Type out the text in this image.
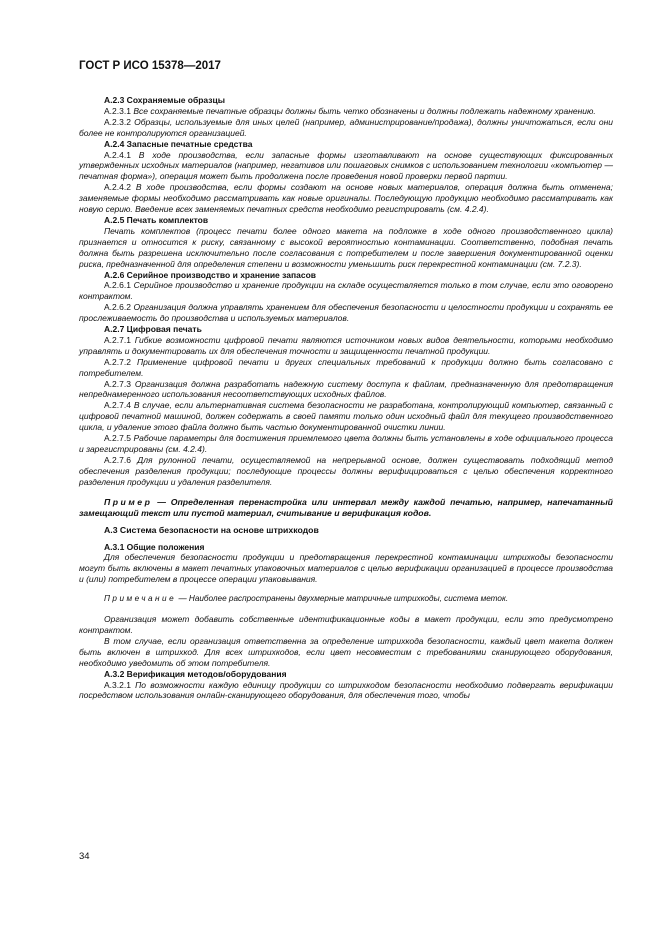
ГОСТ Р ИСО 15378—2017
А.2.3 Сохраняемые образцы

А.2.3.1 Все сохраняемые печатные образцы должны быть четко обозначены и должны подлежать надежному хранению.

А.2.3.2 Образцы, используемые для иных целей (например, администрирование/продажа), должны уничтожаться, если они более не контролируются организацией.

А.2.4 Запасные печатные средства

А.2.4.1 В ходе производства, если запасные формы изготавливают на основе существующих фиксированных утвержденных исходных материалов (например, негативов или пошаговых снимков с использованием технологии «компьютер — печатная форма»), операция может быть продолжена после проведения новой проверки первой партии.

А.2.4.2 В ходе производства, если формы создают на основе новых материалов, операция должна быть отменена; заменяемые формы необходимо рассматривать как новые оригиналы. Последующую продукцию необходимо рассматривать как новую серию. Введение всех заменяемых печатных средств необходимо регистрировать (см. 4.2.4).

А.2.5 Печать комплектов

Печать комплектов (процесс печати более одного макета на подложке в ходе одного производственного цикла) признается и относится к риску, связанному с высокой вероятностью контаминации. Соответственно, подобная печать должна быть разрешена исключительно после согласования с потребителем и после завершения документированной оценки риска, предназначенной для определения степени и возможности уменьшить риск перекрестной контаминации (см. 7.2.3).

А.2.6 Серийное производство и хранение запасов

А.2.6.1 Серийное производство и хранение продукции на складе осуществляется только в том случае, если это оговорено контрактом.

А.2.6.2 Организация должна управлять хранением для обеспечения безопасности и целостности продукции и сохранять ее прослеживаемость до производства и используемых материалов.

А.2.7 Цифровая печать

А.2.7.1 Гибкие возможности цифровой печати являются источником новых видов деятельности, которыми необходимо управлять и документировать их для обеспечения точности и защищенности печатной продукции.

А.2.7.2 Применение цифровой печати и других специальных требований к продукции должно быть согласовано с потребителем.

А.2.7.3 Организация должна разработать надежную систему доступа к файлам, предназначенную для предотвращения непреднамеренного использования несоответствующих исходных файлов.

А.2.7.4 В случае, если альтернативная система безопасности не разработана, контролирующий компьютер, связанный с цифровой печатной машиной, должен содержать в своей памяти только один исходный файл для текущего производственного цикла, и удаление этого файла должно быть частью документированной очистки линии.

А.2.7.5 Рабочие параметры для достижения приемлемого цвета должны быть установлены в ходе официального процесса и зарегистрированы (см. 4.2.4).

А.2.7.6 Для рулонной печати, осуществляемой на непрерывной основе, должен существовать подходящий метод обеспечения разделения продукции; последующие процессы должны верифицироваться с целью обеспечения корректного разделения продукции и удаления разделителя.

Пример — Определенная перенастройка или интервал между каждой печатью, например, напечатанный замещающий текст или пустой материал, считывание и верификация кодов.

А.3 Система безопасности на основе штрихкодов
А.3.1 Общие положения

Для обеспечения безопасности продукции и предотвращения перекрестной контаминации штрихкоды безопасности могут быть включены в макет печатных упаковочных материалов с целью верификации организацией в процессе производства и (или) потребителем в процессе операции упаковывания.

Примечание — Наиболее распространены двухмерные матричные штрихкоды, система меток.

Организация может добавить собственные идентификационные коды в макет продукции, если это предусмотрено контрактом.

В том случае, если организация ответственна за определение штрихкода безопасности, каждый цвет макета должен быть включен в штрихкод. Для всех штрихкодов, если цвет несовместим с требованиями сканирующего оборудования, необходимо уведомить об этом потребителя.

А.3.2 Верификация методов/оборудования

А.3.2.1 По возможности каждую единицу продукции со штрихкодом безопасности необходимо подвергать верификации посредством использования онлайн-сканирующего оборудования, для обеспечения того, чтобы

34
